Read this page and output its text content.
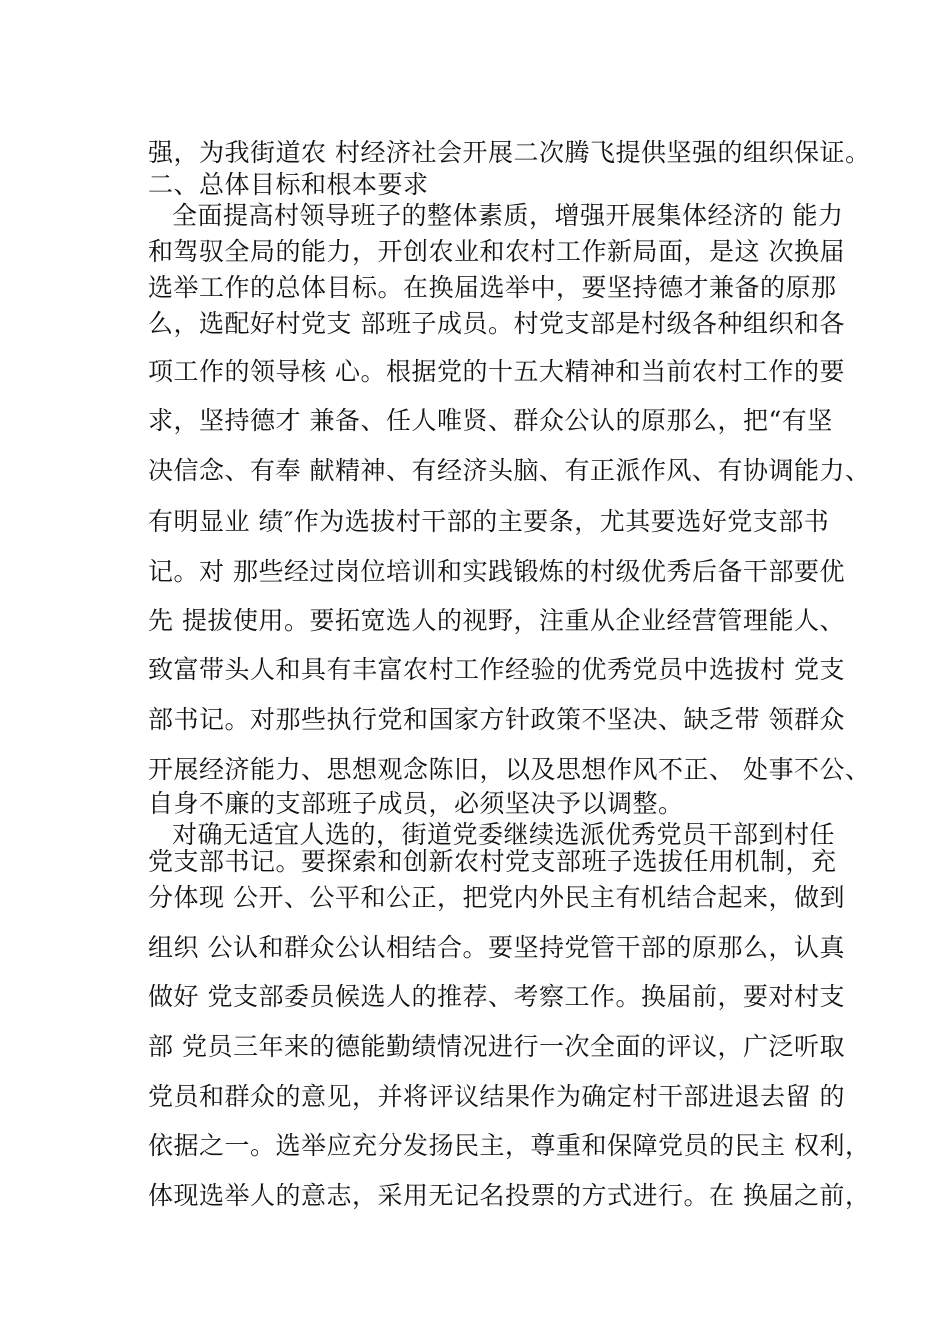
强，为我街道农 村经济社会开展二次腾飞提供坚强的组织保证。
二、总体目标和根本要求
全面提高村领导班子的整体素质，增强开展集体经济的 能力
和驾驭全局的能力，开创农业和农村工作新局面，是这 次换届
选举工作的总体目标。在换届选举中，要坚持德才兼备的原那
么，选配好村党支 部班子成员。村党支部是村级各种组织和各
项工作的领导核 心。根据党的十五大精神和当前农村工作的要
求，坚持德才 兼备、任人唯贤、群众公认的原那么，把“有坚
决信念、有奉 献精神、有经济头脑、有正派作风、有协调能力、
有明显业 绩″作为选拔村干部的主要条，尤其要选好党支部书
记。对 那些经过岗位培训和实践锻炼的村级优秀后备干部要优
先 提拔使用。要拓宽选人的视野，注重从企业经营管理能人、
致富带头人和具有丰富农村工作经验的优秀党员中选拔村 党支
部书记。对那些执行党和国家方针政策不坚决、缺乏带 领群众
开展经济能力、思想观念陈旧，以及思想作风不正、 处事不公、
自身不廉的支部班子成员，必须坚决予以调整。
对确无适宜人选的，街道党委继续选派优秀党员干部到村任
党支部书记。要探索和创新农村党支部班子选拔任用机制，充
分体现 公开、公平和公正，把党内外民主有机结合起来，做到
组织 公认和群众公认相结合。要坚持党管干部的原那么，认真
做好 党支部委员候选人的推荐、考察工作。换届前，要对村支
部 党员三年来的德能勤绩情况进行一次全面的评议，广泛听取
党员和群众的意见，并将评议结果作为确定村干部进退去留 的
依据之一。选举应充分发扬民主，尊重和保障党员的民主 权利，
体现选举人的意志，采用无记名投票的方式进行。在 换届之前，
